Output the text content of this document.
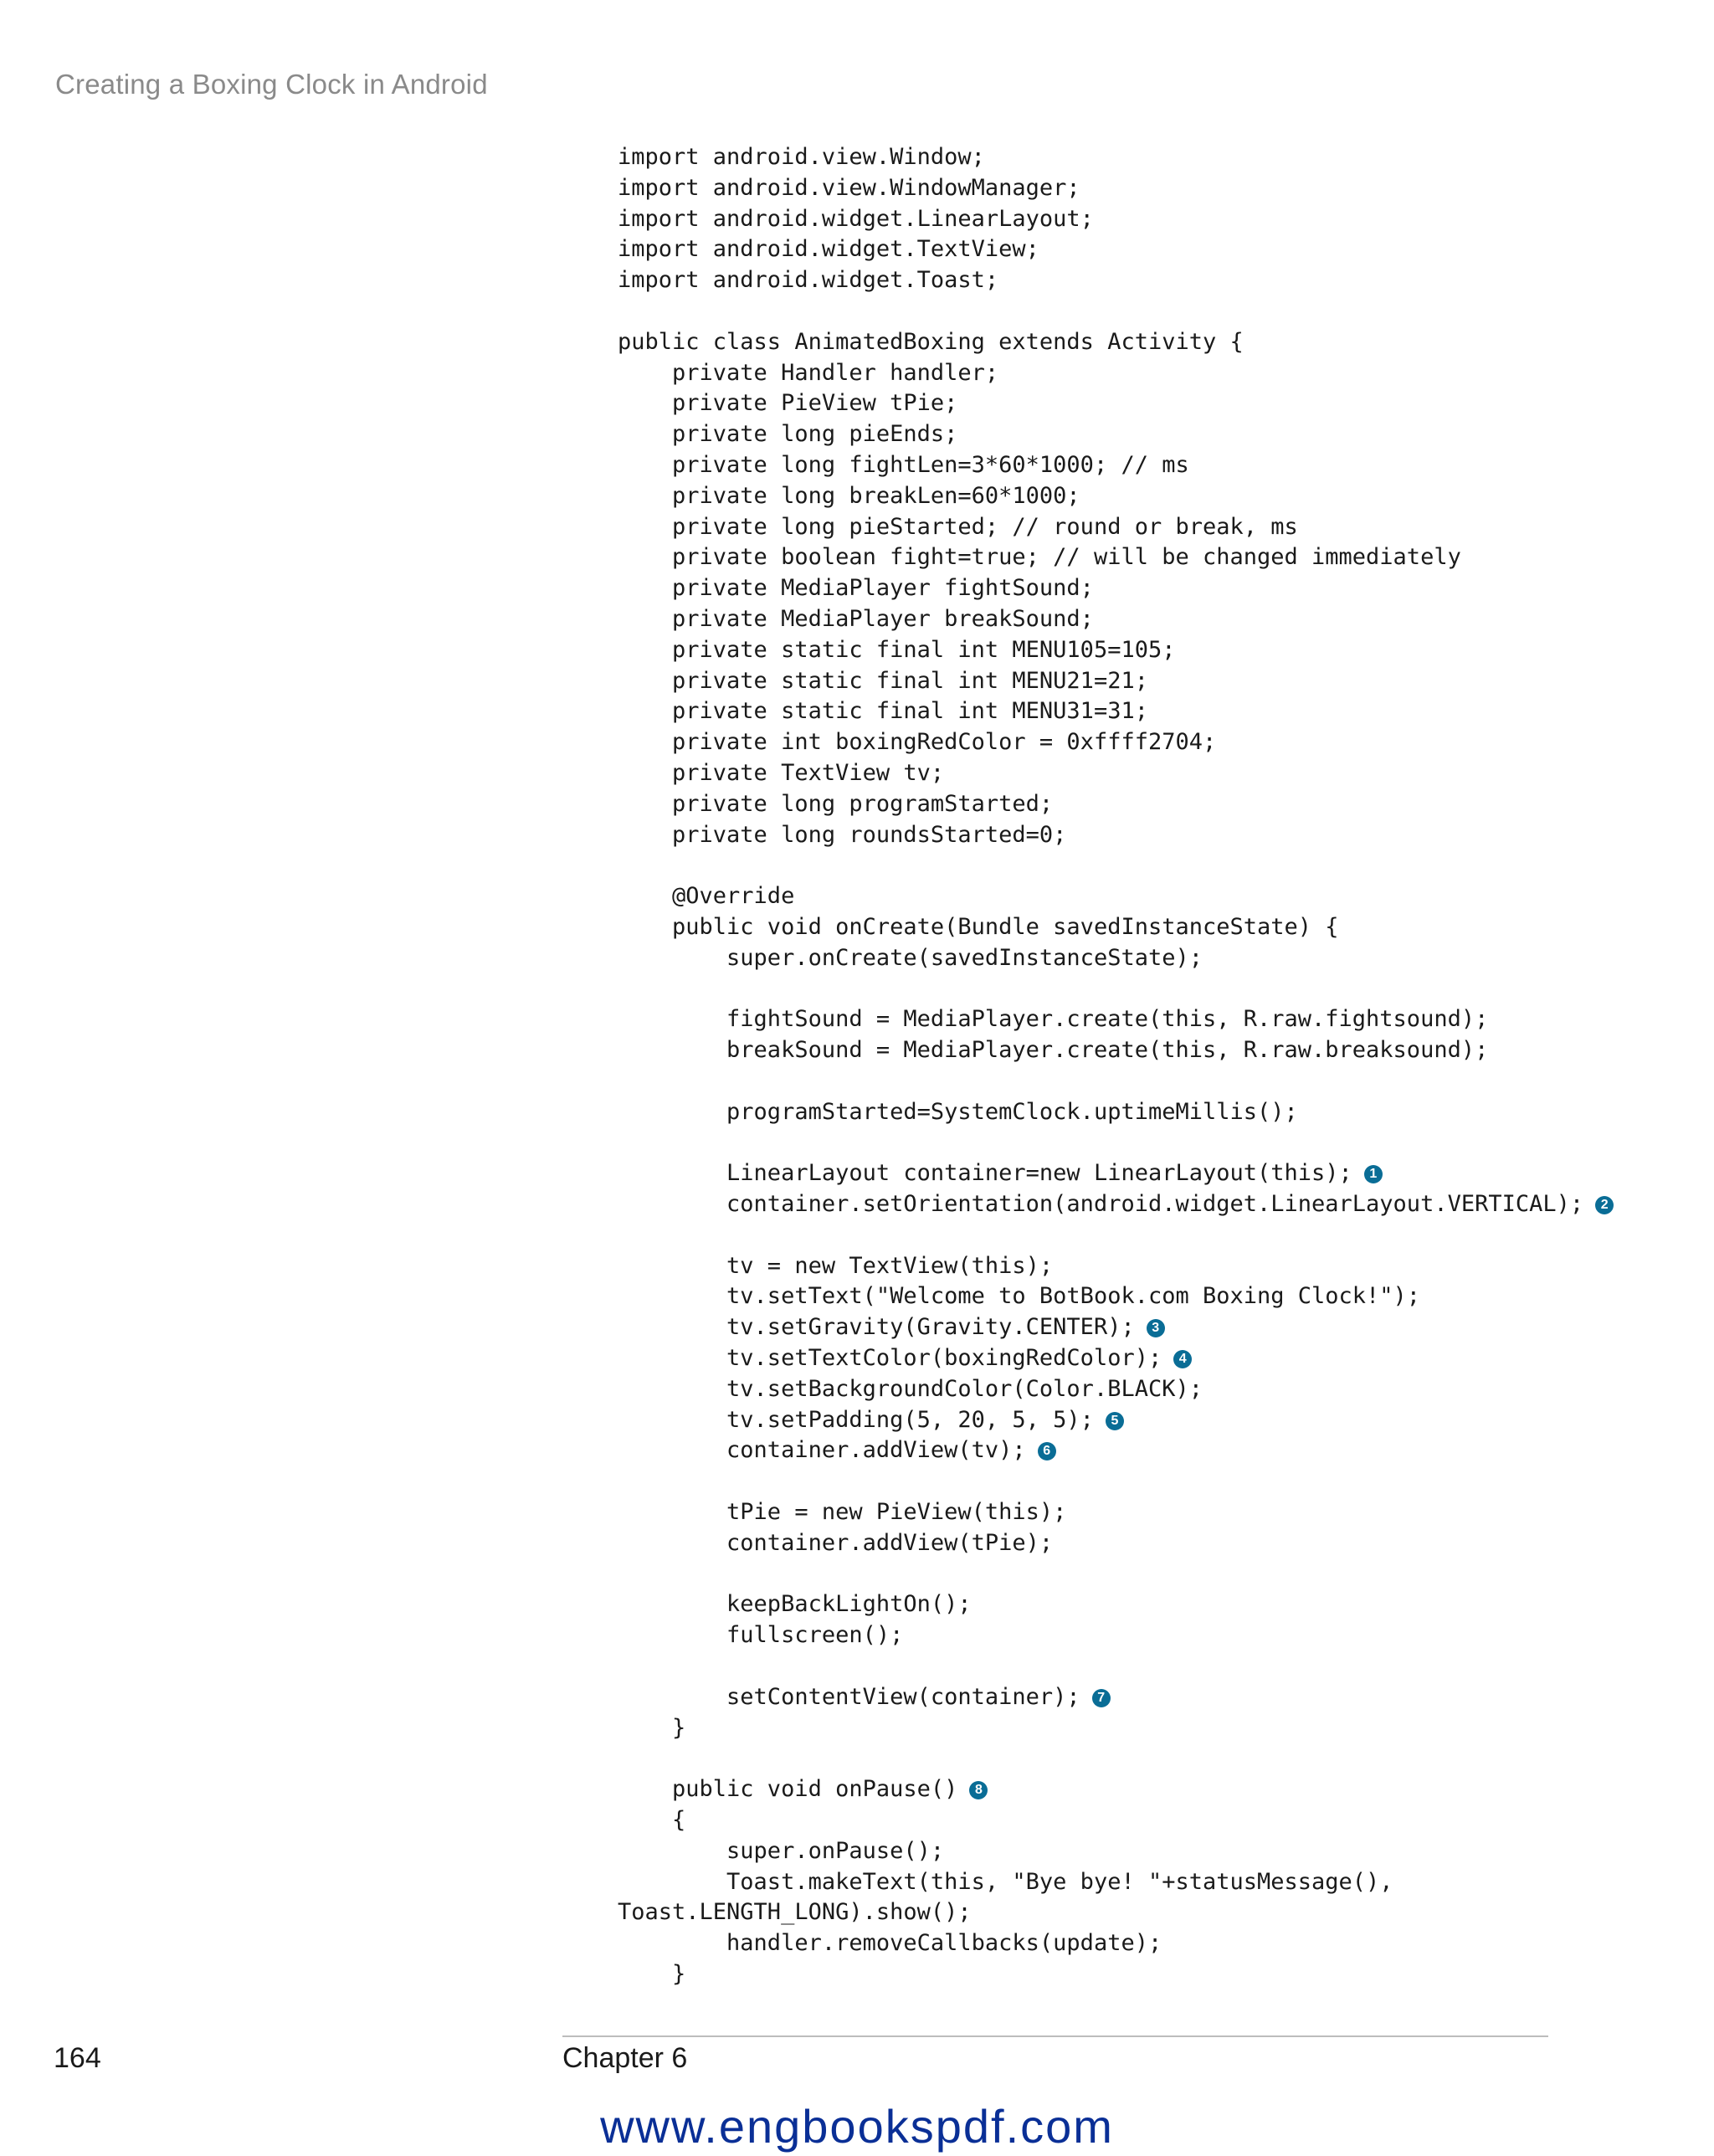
Creating a Boxing Clock in Android
import android.view.Window;
import android.view.WindowManager;
import android.widget.LinearLayout;
import android.widget.TextView;
import android.widget.Toast;
public class AnimatedBoxing extends Activity {
private Handler handler;
private PieView tPie;
private long pieEnds;
private long fightLen=3*60*1000; // ms
private long breakLen=60*1000;
private long pieStarted; // round or break, ms
private boolean fight=true; // will be changed immediately
private MediaPlayer fightSound;
private MediaPlayer breakSound;
private static final int MENU105=105;
private static final int MENU21=21;
private static final int MENU31=31;
private int boxingRedColor = 0xffff2704;
private TextView tv;
private long programStarted;
private long roundsStarted=0;
@Override
public void onCreate(Bundle savedInstanceState) {
super.onCreate(savedInstanceState);
fightSound = MediaPlayer.create(this, R.raw.fightsound);
breakSound = MediaPlayer.create(this, R.raw.breaksound);
programStarted=SystemClock.uptimeMillis();
LinearLayout container=new LinearLayout(this); 1
container.setOrientation(android.widget.LinearLayout.VERTICAL); 2
tv = new TextView(this);
tv.setText("Welcome to BotBook.com Boxing Clock!");
tv.setGravity(Gravity.CENTER); 3
tv.setTextColor(boxingRedColor); 4
tv.setBackgroundColor(Color.BLACK);
tv.setPadding(5, 20, 5, 5); 5
container.addView(tv); 6
tPie = new PieView(this);
container.addView(tPie);
keepBackLightOn();
fullscreen();
setContentView(container); 7
}
public void onPause() 8
{
super.onPause();
Toast.makeText(this, "Bye bye! "+statusMessage(),
Toast.LENGTH_LONG).show();
handler.removeCallbacks(update);
}
164	Chapter 6
www.engbookspdf.com
